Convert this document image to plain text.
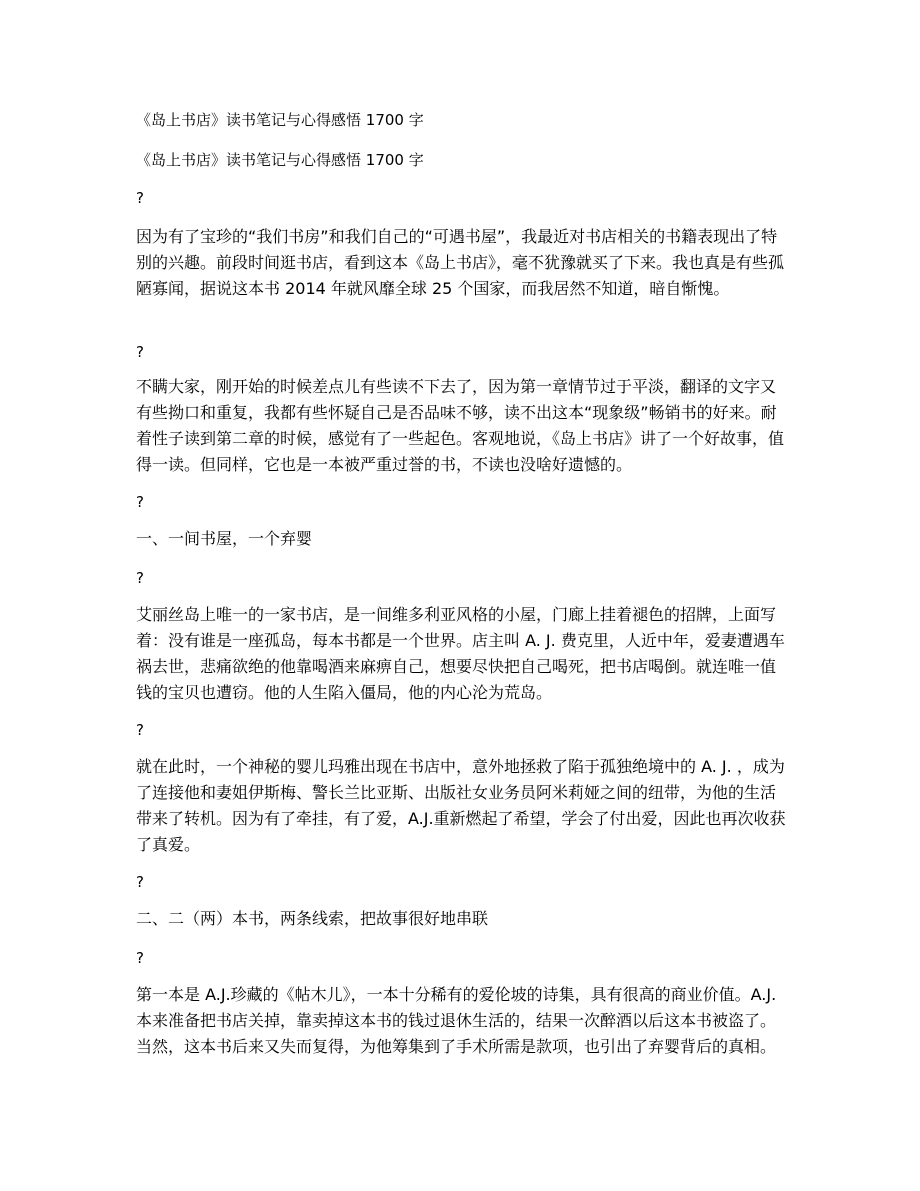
《岛上书店》读书笔记与心得感悟 1700 字

《岛上书店》读书笔记与心得感悟 1700 字

?

因为有了宝珍的“我们书房”和我们自己的“可遇书屋”，我最近对书店相关的书籍表现出了特别的兴趣。前段时间逛书店，看到这本《岛上书店》，毫不犹豫就买了下来。我也真是有些孤陋寡闻，据说这本书 2014 年就风靡全球 25 个国家，而我居然不知道，暗自惭愧。

?

不瞒大家，刚开始的时候差点儿有些读不下去了，因为第一章情节过于平淡，翻译的文字又有些拗口和重复，我都有些怀疑自己是否品味不够，读不出这本“现象级”畅销书的好来。耐着性子读到第二章的时候，感觉有了一些起色。客观地说，《岛上书店》讲了一个好故事，值得一读。但同样，它也是一本被严重过誉的书，不读也没啥好遗憾的。

?

一、一间书屋，一个弃婴

?

艾丽丝岛上唯一的一家书店，是一间维多利亚风格的小屋，门廊上挂着褪色的招牌，上面写着：没有谁是一座孤岛，每本书都是一个世界。店主叫 A. J. 费克里，人近中年，爱妻遭遇车祸去世，悲痛欲绝的他靠喝酒来麻痹自己，想要尽快把自己喝死，把书店喝倒。就连唯一值钱的宝贝也遭窃。他的人生陷入僵局，他的内心沦为荒岛。

?

就在此时，一个神秘的婴儿玛雅出现在书店中，意外地拯救了陷于孤独绝境中的 A. J. ，成为了连接他和妻姐伊斯梅、警长兰比亚斯、出版社女业务员阿米莉娅之间的纽带，为他的生活带来了转机。因为有了牵挂，有了爱，A.J.重新燃起了希望，学会了付出爱，因此也再次收获了真爱。

?

二、二（两）本书，两条线索，把故事很好地串联

?

第一本是 A.J.珍藏的《帖木儿》，一本十分稀有的爱伦坡的诗集，具有很高的商业价值。A.J.本来准备把书店关掉，靠卖掉这本书的钱过退休生活的，结果一次醉酒以后这本书被盗了。当然，这本书后来又失而复得，为他筹集到了手术所需是款项，也引出了弃婴背后的真相。
